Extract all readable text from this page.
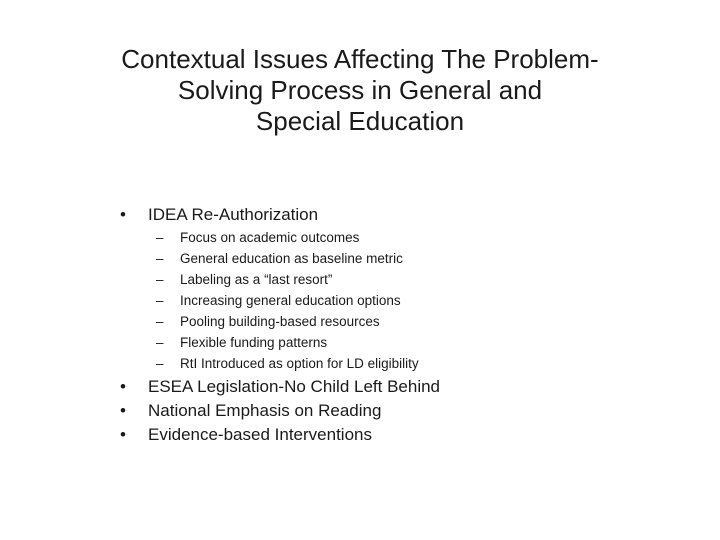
Contextual Issues Affecting The Problem-
Solving Process in General and
Special Education
•	IDEA Re-Authorization
– Focus on academic outcomes
– General education as baseline metric
– Labeling as a “last resort”
– Increasing general education options
– Pooling building-based resources
– Flexible funding patterns
– RtI Introduced as option for LD eligibility
•	ESEA Legislation-No Child Left Behind
•	National Emphasis on Reading
•	Evidence-based Interventions
